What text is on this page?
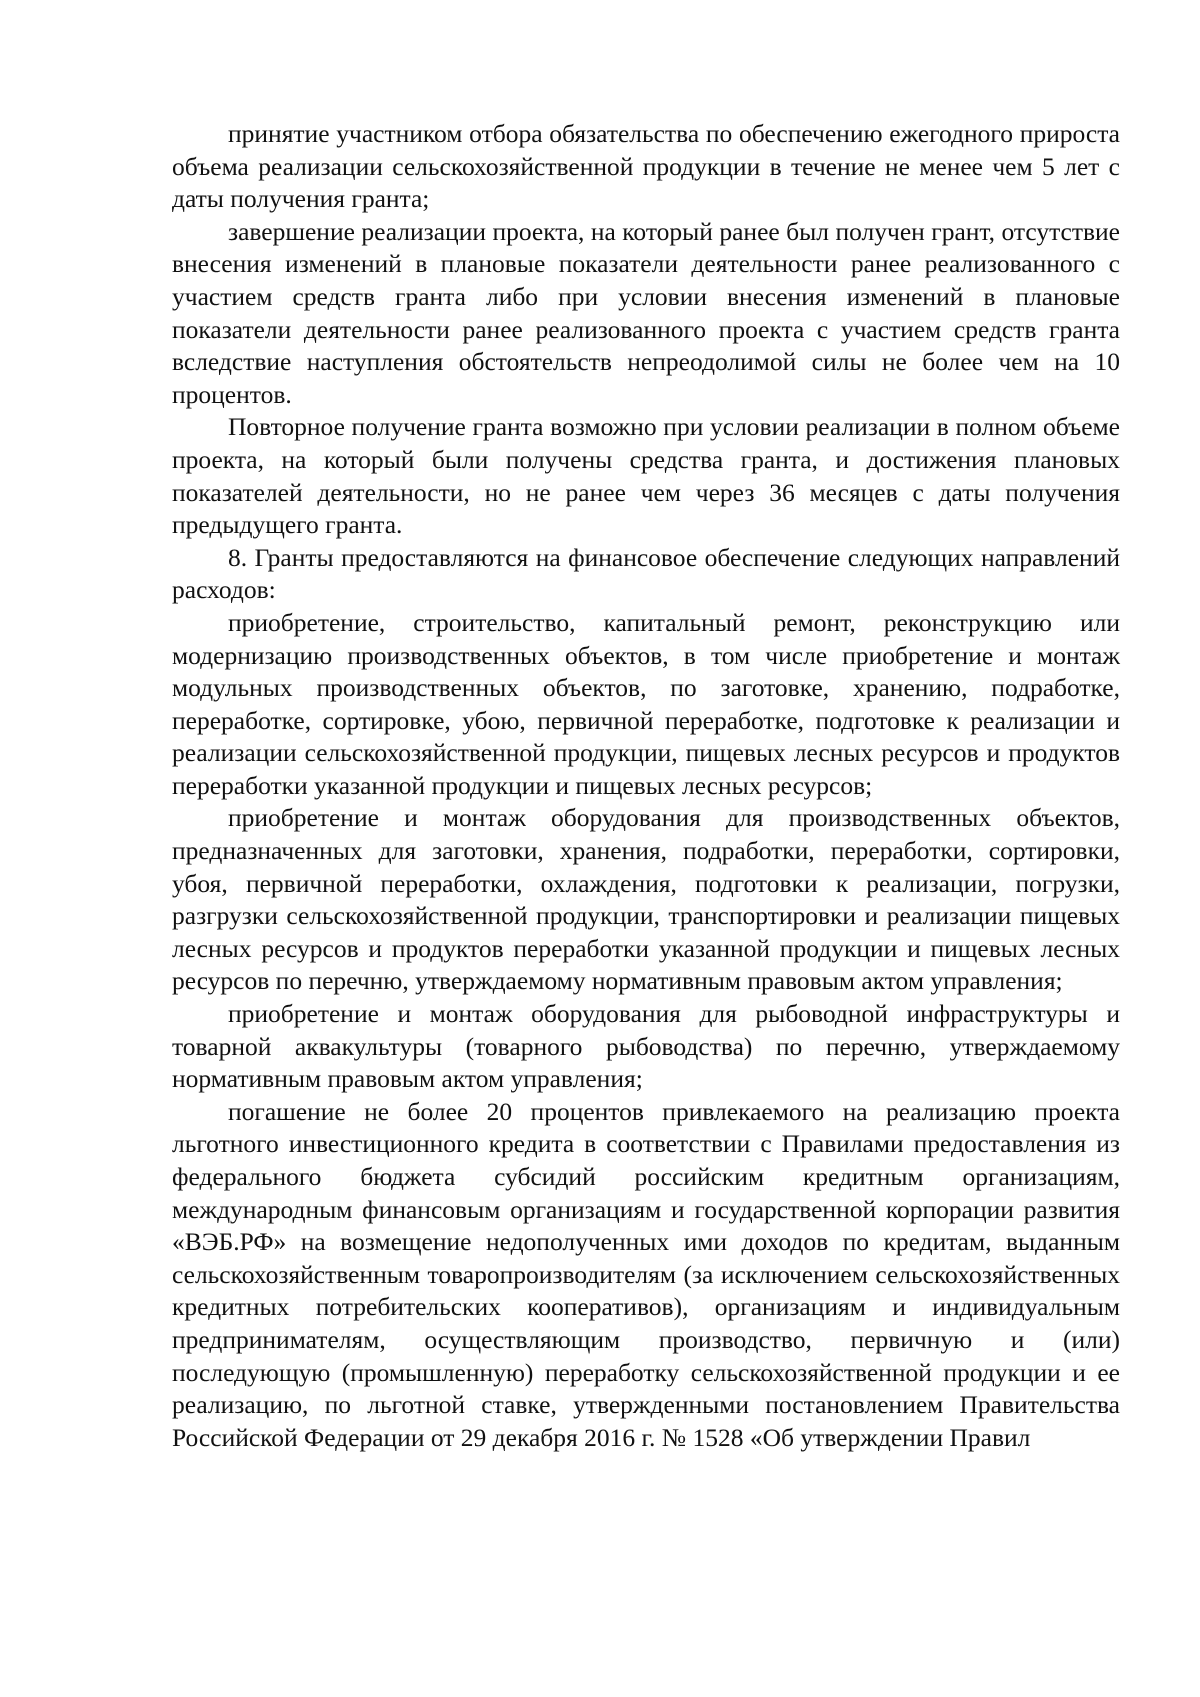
принятие участником отбора обязательства по обеспечению ежегодного прироста объема реализации сельскохозяйственной продукции в течение не менее чем 5 лет с даты получения гранта;

завершение реализации проекта, на который ранее был получен грант, отсутствие внесения изменений в плановые показатели деятельности ранее реализованного с участием средств гранта либо при условии внесения изменений в плановые показатели деятельности ранее реализованного проекта с участием средств гранта вследствие наступления обстоятельств непреодолимой силы не более чем на 10 процентов.

Повторное получение гранта возможно при условии реализации в полном объеме проекта, на который были получены средства гранта, и достижения плановых показателей деятельности, но не ранее чем через 36 месяцев с даты получения предыдущего гранта.

8. Гранты предоставляются на финансовое обеспечение следующих направлений расходов:

приобретение, строительство, капитальный ремонт, реконструкцию или модернизацию производственных объектов, в том числе приобретение и монтаж модульных производственных объектов, по заготовке, хранению, подработке, переработке, сортировке, убою, первичной переработке, подготовке к реализации и реализации сельскохозяйственной продукции, пищевых лесных ресурсов и продуктов переработки указанной продукции и пищевых лесных ресурсов;

приобретение и монтаж оборудования для производственных объектов, предназначенных для заготовки, хранения, подработки, переработки, сортировки, убоя, первичной переработки, охлаждения, подготовки к реализации, погрузки, разгрузки сельскохозяйственной продукции, транспортировки и реализации пищевых лесных ресурсов и продуктов переработки указанной продукции и пищевых лесных ресурсов по перечню, утверждаемому нормативным правовым актом управления;

приобретение и монтаж оборудования для рыбоводной инфраструктуры и товарной аквакультуры (товарного рыбоводства) по перечню, утверждаемому нормативным правовым актом управления;

погашение не более 20 процентов привлекаемого на реализацию проекта льготного инвестиционного кредита в соответствии с Правилами предоставления из федерального бюджета субсидий российским кредитным организациям, международным финансовым организациям и государственной корпорации развития «ВЭБ.РФ» на возмещение недополученных ими доходов по кредитам, выданным сельскохозяйственным товаропроизводителям (за исключением сельскохозяйственных кредитных потребительских кооперативов), организациям и индивидуальным предпринимателям, осуществляющим производство, первичную и (или) последующую (промышленную) переработку сельскохозяйственной продукции и ее реализацию, по льготной ставке, утвержденными постановлением Правительства Российской Федерации от 29 декабря 2016 г. № 1528 «Об утверждении Правил
